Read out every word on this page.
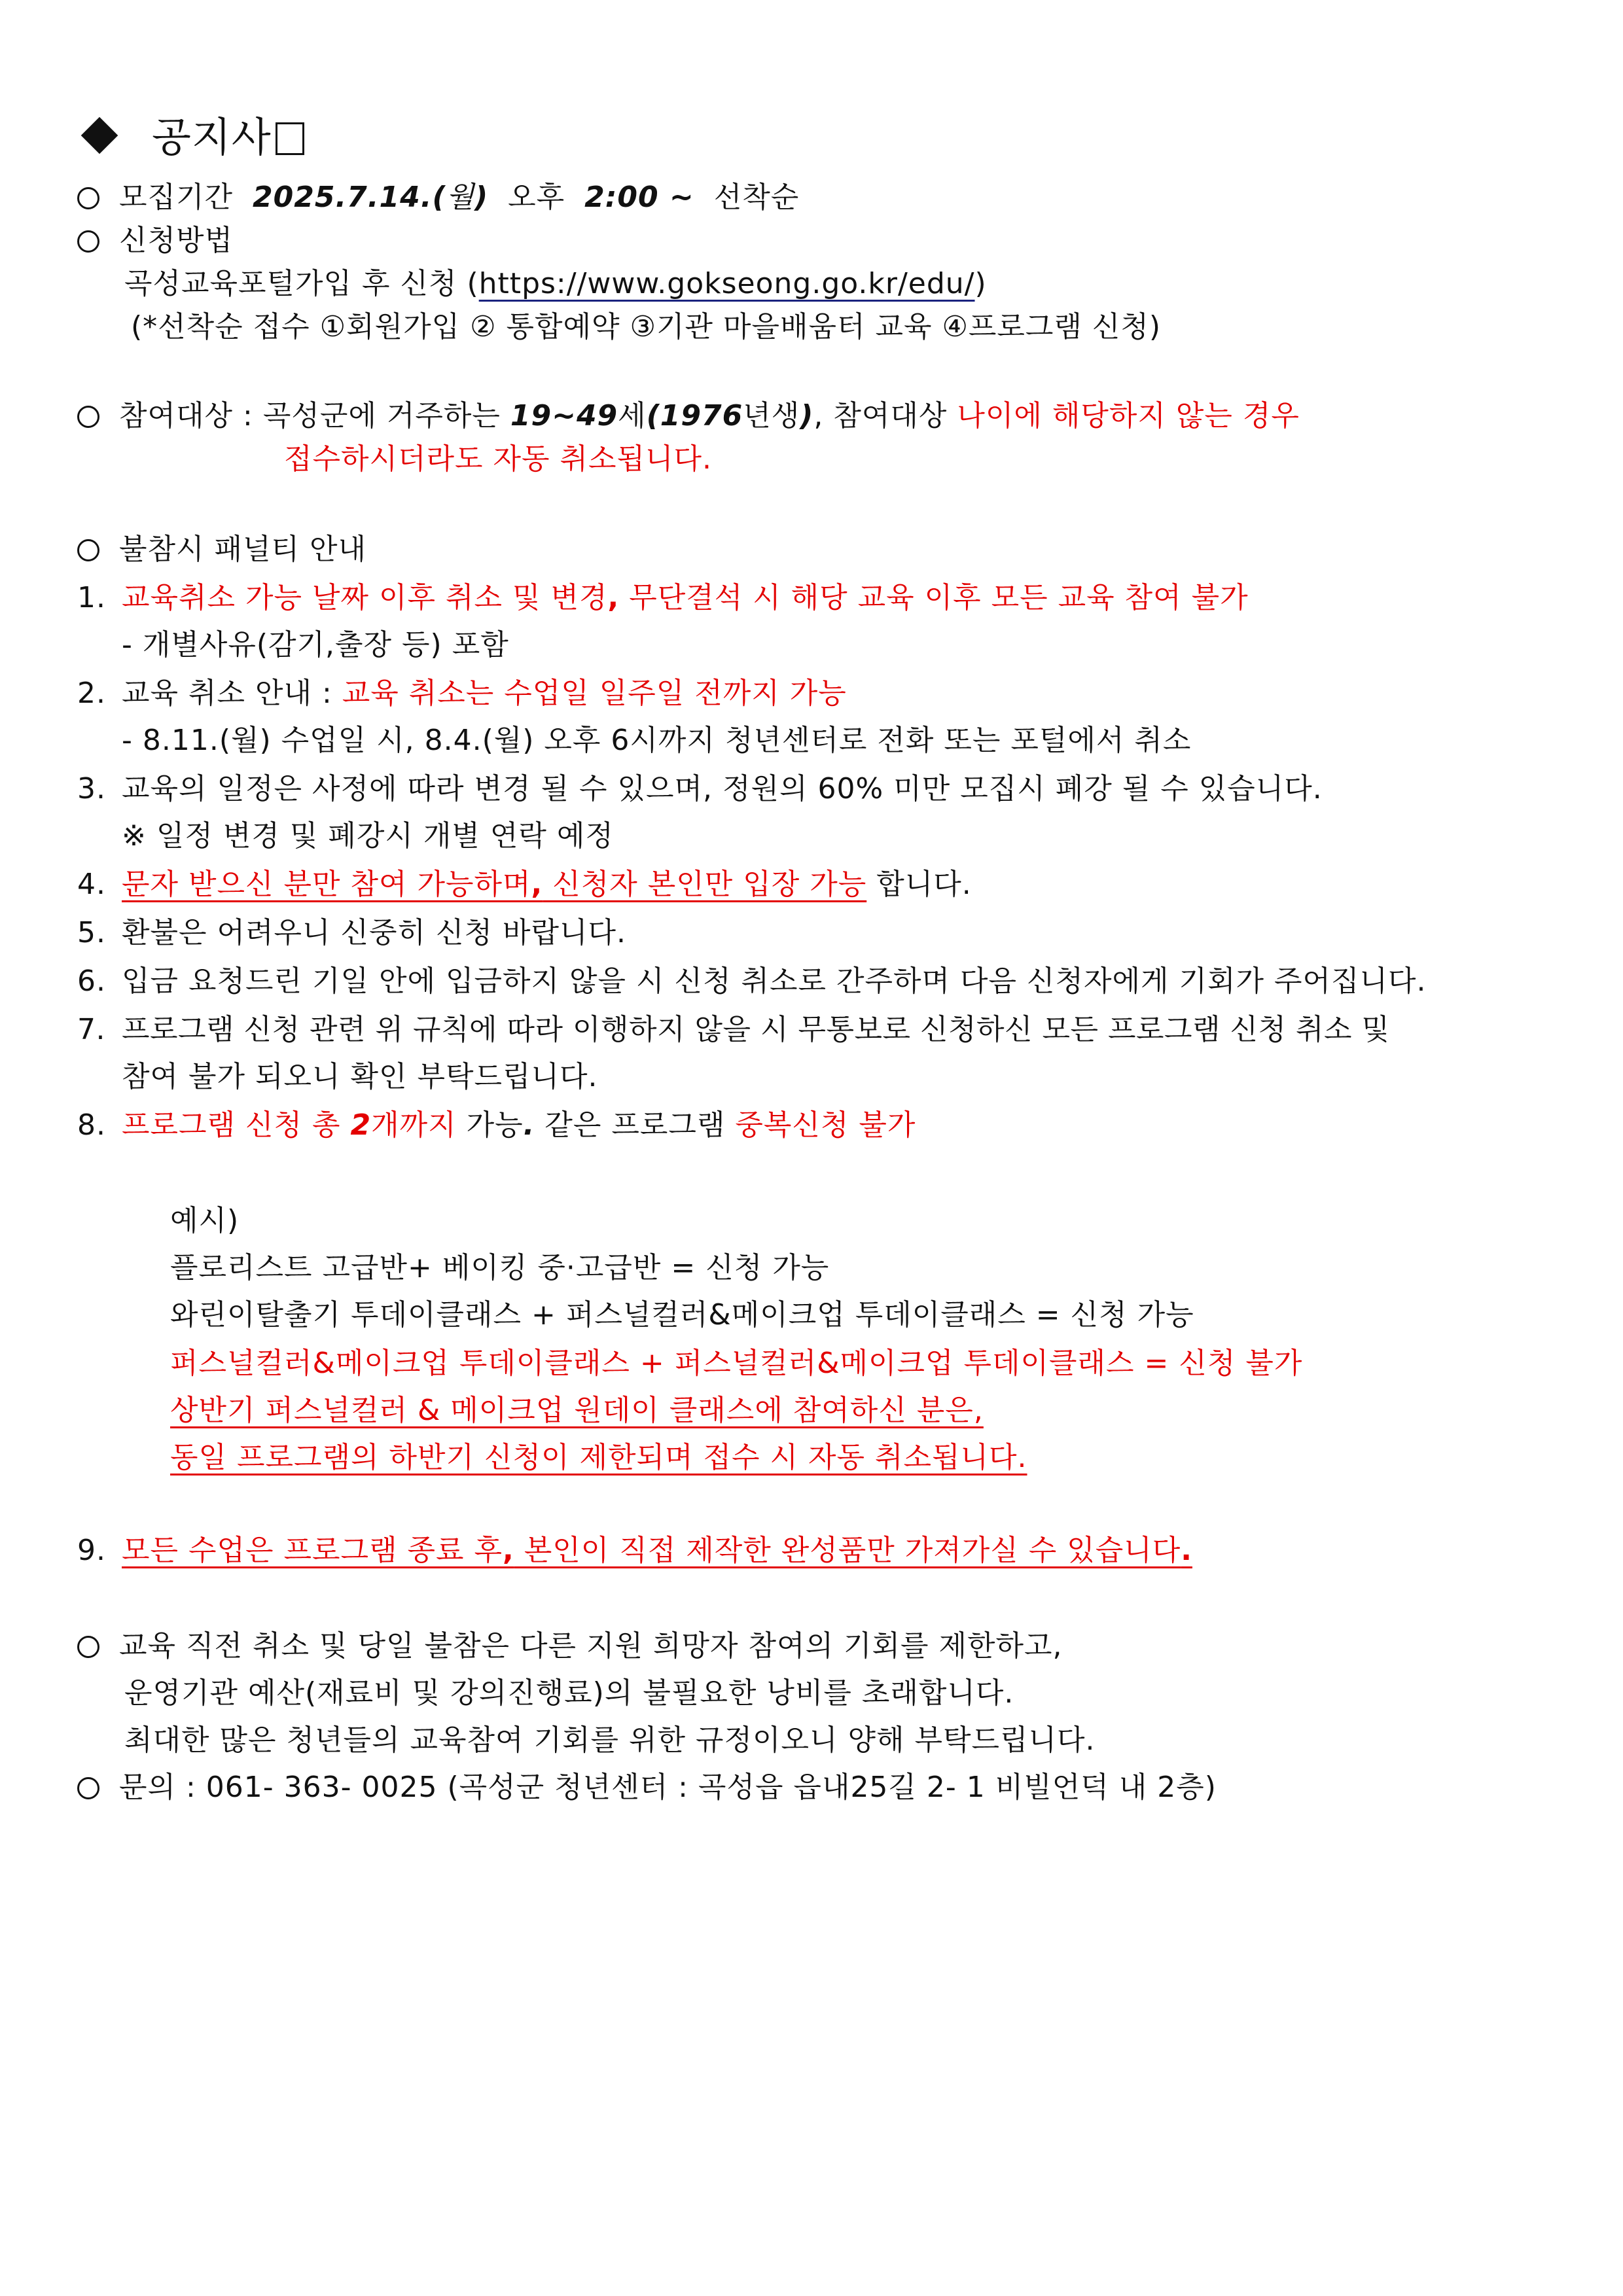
공지사
모집기간 2025.7.14.(월) 오후 2:00 ~ 선착순
신청방법
곡성교육포털가입 후 신청 (https://www.gokseong.go.kr/edu/)
(*선착순 접수 ①회원가입 ② 통합예약 ③기관 마을배움터 교육 ④프로그램 신청)
참여대상 : 곡성군에 거주하는 19~49세(1976년생), 참여대상 나이에 해당하지 않는 경우
접수하시더라도 자동 취소됩니다.
불참시 패널티 안내
1. 교육취소 가능 날짜 이후 취소 및 변경, 무단결석 시 해당 교육 이후 모든 교육 참여 불가
- 개별사유(감기,출장 등) 포함
2. 교육 취소 안내 : 교육 취소는 수업일 일주일 전까지 가능
- 8.11.(월) 수업일 시, 8.4.(월) 오후 6시까지 청년센터로 전화 또는 포털에서 취소
3. 교육의 일정은 사정에 따라 변경 될 수 있으며, 정원의 60% 미만 모집시 폐강 될 수 있습니다.
※ 일정 변경 및 폐강시 개별 연락 예정
4. 문자 받으신 분만 참여 가능하며, 신청자 본인만 입장 가능 합니다.
5. 환불은 어려우니 신중히 신청 바랍니다.
6. 입금 요청드린 기일 안에 입금하지 않을 시 신청 취소로 간주하며 다음 신청자에게 기회가 주어집니다.
7. 프로그램 신청 관련 위 규칙에 따라 이행하지 않을 시 무통보로 신청하신 모든 프로그램 신청 취소 및
참여 불가 되오니 확인 부탁드립니다.
8. 프로그램 신청 총 2개까지 가능. 같은 프로그램 중복신청 불가
예시)
플로리스트 고급반+ 베이킹 중·고급반 = 신청 가능
와린이탈출기 투데이클래스 + 퍼스널컬러&메이크업 투데이클래스 = 신청 가능
퍼스널컬러&메이크업 투데이클래스 + 퍼스널컬러&메이크업 투데이클래스 = 신청 불가
상반기 퍼스널컬러 & 메이크업 원데이 클래스에 참여하신 분은,
동일 프로그램의 하반기 신청이 제한되며 접수 시 자동 취소됩니다.
9. 모든 수업은 프로그램 종료 후, 본인이 직접 제작한 완성품만 가져가실 수 있습니다.
교육 직전 취소 및 당일 불참은 다른 지원 희망자 참여의 기회를 제한하고,
운영기관 예산(재료비 및 강의진행료)의 불필요한 낭비를 초래합니다.
최대한 많은 청년들의 교육참여 기회를 위한 규정이오니 양해 부탁드립니다.
문의 : 061- 363- 0025 (곡성군 청년센터 : 곡성읍 읍내25길 2- 1 비빌언덕 내 2층)
